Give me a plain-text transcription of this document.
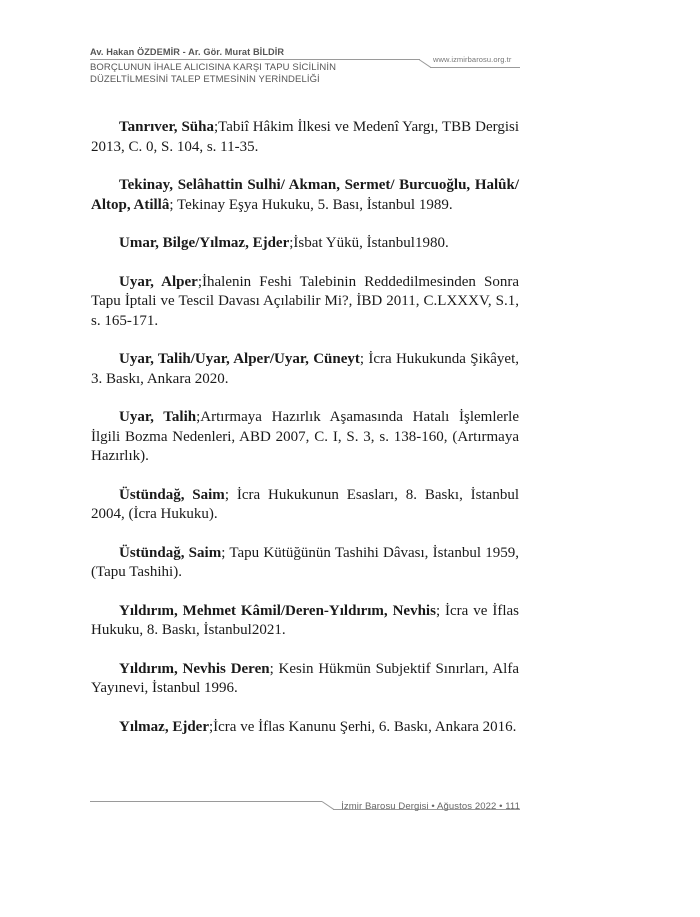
Av. Hakan ÖZDEMİR - Ar. Gör. Murat BİLDİR
www.izmirbarosu.org.tr
BORÇLUNUN İHALE ALICISINA KARŞI TAPU SİCİLİNİN
DÜZELTİLMESİNİ TALEP ETMESİNİN YERİNDELİĞİ

Tanrıver, Süha;Tabiî Hâkim İlkesi ve Medenî Yargı, TBB Dergisi 2013, C. 0, S. 104, s. 11-35.

Tekinay, Selâhattin Sulhi/ Akman, Sermet/ Burcuoğlu, Halûk/ Altop, Atillâ; Tekinay Eşya Hukuku, 5. Bası, İstanbul 1989.

Umar, Bilge/Yılmaz, Ejder;İsbat Yükü, İstanbul1980.

Uyar, Alper;İhalenin Feshi Talebinin Reddedilmesinden Sonra Tapu İptali ve Tescil Davası Açılabilir Mi?, İBD 2011, C.LXXXV, S.1, s. 165-171.

Uyar, Talih/Uyar, Alper/Uyar, Cüneyt; İcra Hukukunda Şikâyet, 3. Baskı, Ankara 2020.

Uyar, Talih;Artırmaya Hazırlık Aşamasında Hatalı İşlemlerle İlgili Bozma Nedenleri, ABD 2007, C. I, S. 3, s. 138-160, (Artırmaya Hazırlık).

Üstündağ, Saim; İcra Hukukunun Esasları, 8. Baskı, İstanbul 2004, (İcra Hukuku).

Üstündağ, Saim; Tapu Kütüğünün Tashihi Dâvası, İstanbul 1959, (Tapu Tashihi).

Yıldırım, Mehmet Kâmil/Deren-Yıldırım, Nevhis; İcra ve İflas Hukuku, 8. Baskı, İstanbul2021.

Yıldırım, Nevhis Deren; Kesin Hükmün Subjektif Sınırları, Alfa Yayınevi, İstanbul 1996.

Yılmaz, Ejder;İcra ve İflas Kanunu Şerhi, 6. Baskı, Ankara 2016.

İzmir Barosu Dergisi • Ağustos 2022 • 111
